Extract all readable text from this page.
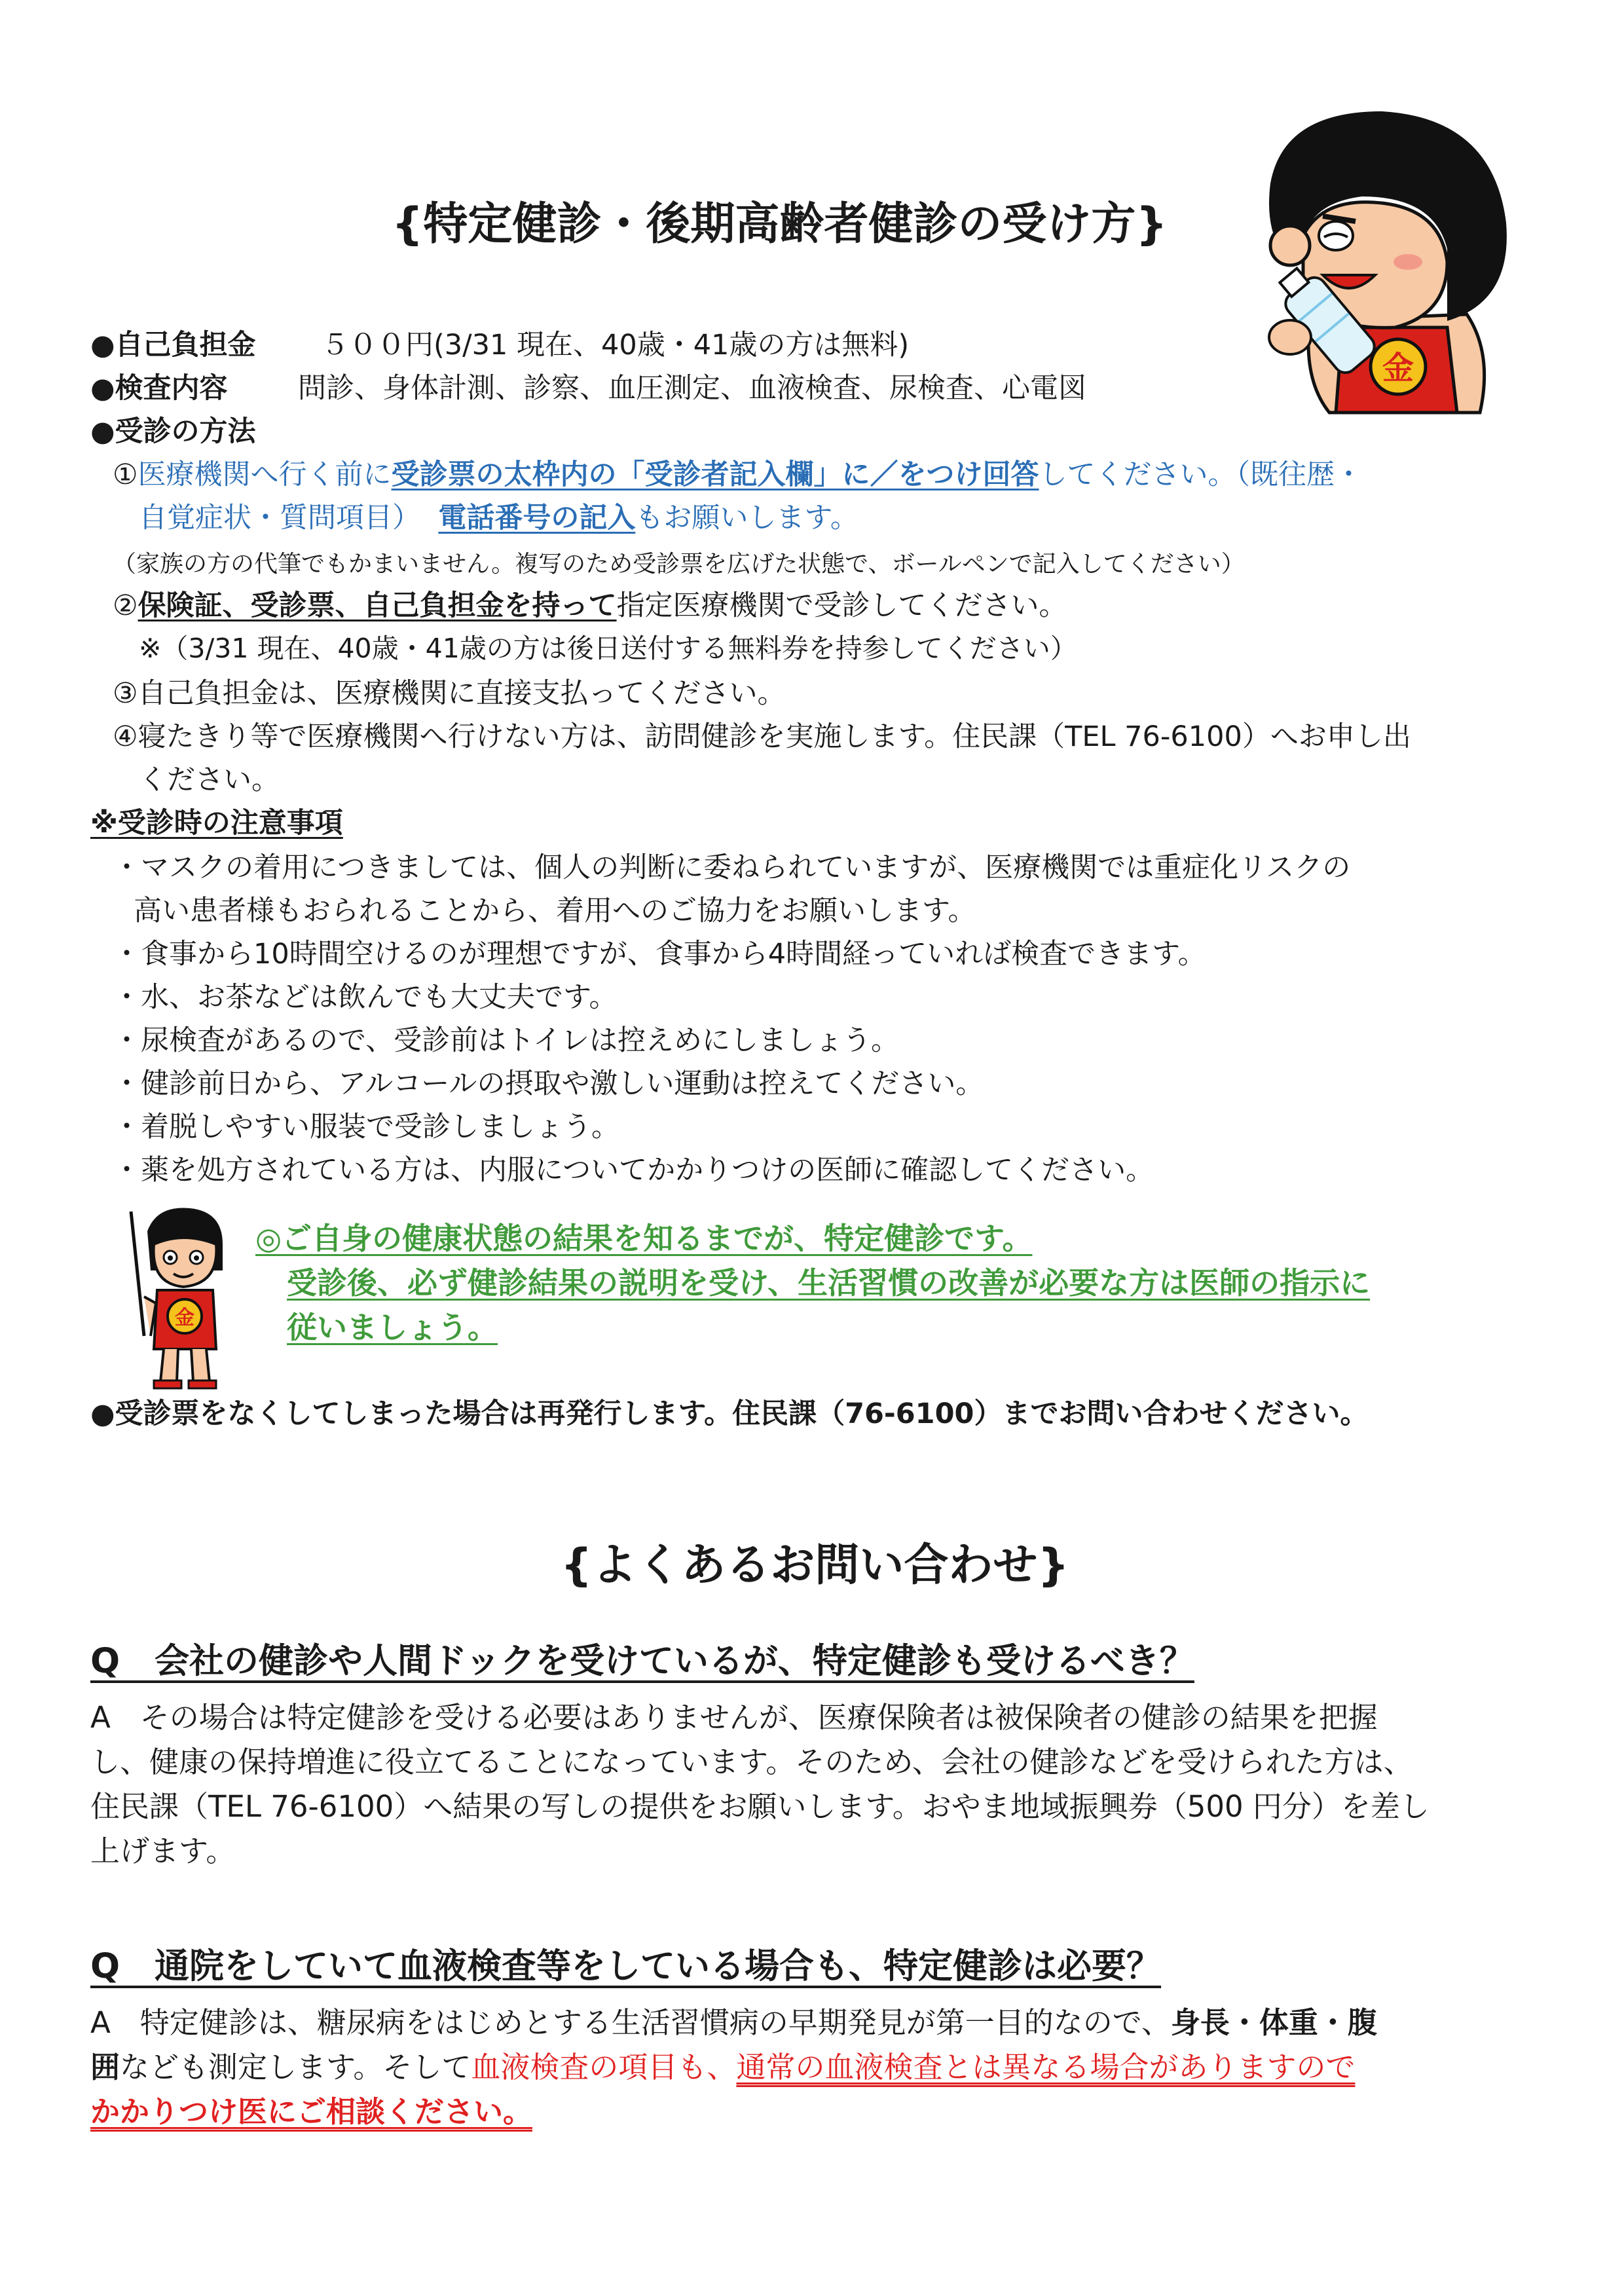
金
{特定健診・後期高齢者健診の受け方}
●自己負担金 ５００円(3/31 現在、40歳・41歳の方は無料)
●検査内容 問診、身体計測、診察、血圧測定、血液検査、尿検査、心電図
●受診の方法
①医療機関へ行く前に受診票の太枠内の「受診者記入欄」に／をつけ回答してください。（既往歴・
自覚症状・質問項目） 電話番号の記入もお願いします。
（家族の方の代筆でもかまいません。複写のため受診票を広げた状態で、ボールペンで記入してください）
②保険証、受診票、自己負担金を持って指定医療機関で受診してください。
※（3/31 現在、40歳・41歳の方は後日送付する無料券を持参してください）
③自己負担金は、医療機関に直接支払ってください。
④寝たきり等で医療機関へ行けない方は、訪問健診を実施します。住民課（TEL 76-6100）へお申し出
ください。
※受診時の注意事項
・マスクの着用につきましては、個人の判断に委ねられていますが、医療機関では重症化リスクの
高い患者様もおられることから、着用へのご協力をお願いします。
・食事から10時間空けるのが理想ですが、食事から4時間経っていれば検査できます。
・水、お茶などは飲んでも大丈夫です。
・尿検査があるので、受診前はトイレは控えめにしましょう。
・健診前日から、アルコールの摂取や激しい運動は控えてください。
・着脱しやすい服装で受診しましょう。
・薬を処方されている方は、内服についてかかりつけの医師に確認してください。
金
◎ご自身の健康状態の結果を知るまでが、特定健診です。
受診後、必ず健診結果の説明を受け、生活習慣の改善が必要な方は医師の指示に
従いましょう。
●受診票をなくしてしまった場合は再発行します。住民課（76-6100）までお問い合わせください。
{よくあるお問い合わせ}
Q　会社の健診や人間ドックを受けているが、特定健診も受けるべき？
A　その場合は特定健診を受ける必要はありませんが、医療保険者は被保険者の健診の結果を把握
し、健康の保持増進に役立てることになっています。そのため、会社の健診などを受けられた方は、
住民課（TEL 76-6100）へ結果の写しの提供をお願いします。おやま地域振興券（500 円分）を差し
上げます。
Q　通院をしていて血液検査等をしている場合も、特定健診は必要？
A　特定健診は、糖尿病をはじめとする生活習慣病の早期発見が第一目的なので、身長・体重・腹
囲なども測定します。そして血液検査の項目も、通常の血液検査とは異なる場合がありますので
かかりつけ医にご相談ください。
